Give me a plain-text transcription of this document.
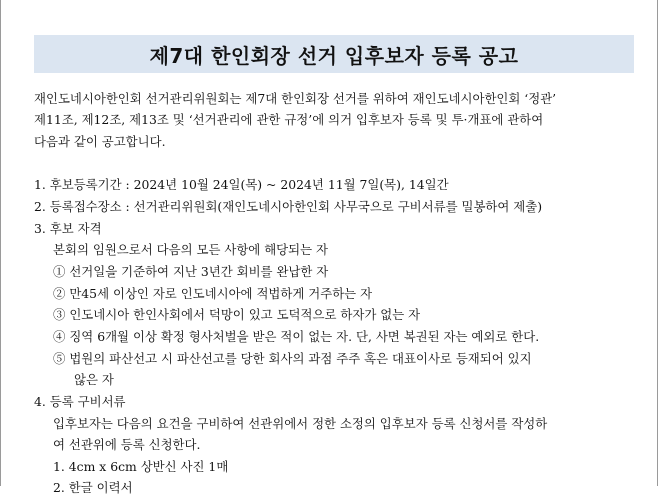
제7대 한인회장 선거 입후보자 등록 공고
재인도네시아한인회 선거관리위원회는 제7대 한인회장 선거를 위하여 재인도네시아한인회 ‘정관’
제11조, 제12조, 제13조 및 ‘선거관리에 관한 규정’에 의거 입후보자 등록 및 투·개표에 관하여
다음과 같이 공고합니다.
1. 후보등록기간 : 2024년 10월 24일(목) ~ 2024년 11월 7일(목), 14일간
2. 등록접수장소 : 선거관리위원회(재인도네시아한인회 사무국으로 구비서류를 밀봉하여 제출)
3. 후보 자격
본회의 임원으로서 다음의 모든 사항에 해당되는 자
① 선거일을 기준하여 지난 3년간 회비를 완납한 자
② 만45세 이상인 자로 인도네시아에 적법하게 거주하는 자
③ 인도네시아 한인사회에서 덕망이 있고 도덕적으로 하자가 없는 자
④ 징역 6개월 이상 확정 형사처벌을 받은 적이 없는 자. 단, 사면 복권된 자는 예외로 한다.
⑤ 법원의 파산선고 시 파산선고를 당한 회사의 과점 주주 혹은 대표이사로 등재되어 있지
않은 자
4. 등록 구비서류
입후보자는 다음의 요건을 구비하여 선관위에서 정한 소정의 입후보자 등록 신청서를 작성하
여 선관위에 등록 신청한다.
1. 4cm x 6cm 상반신 사진 1매
2. 한글 이력서
